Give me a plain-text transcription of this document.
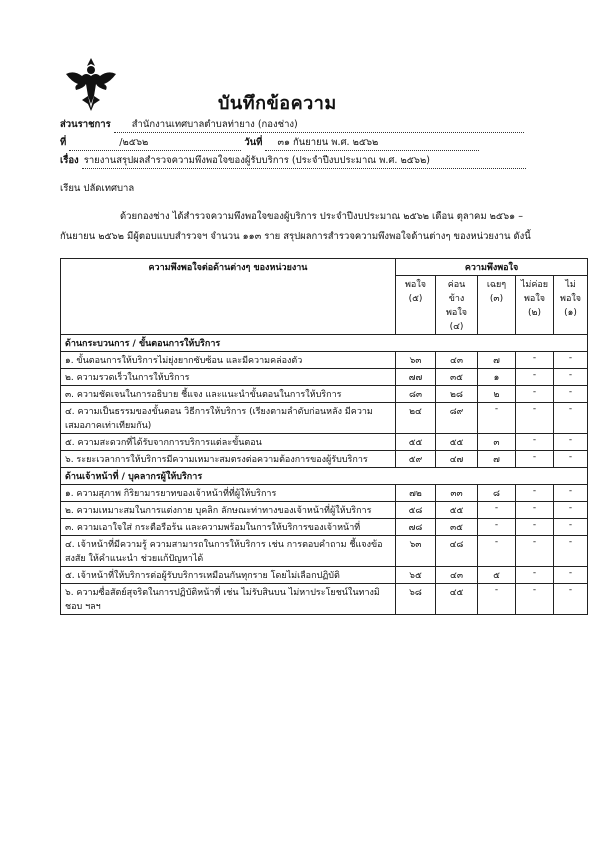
บันทึกข้อความ
ส่วนราชการ สำนักงานเทศบาลตำบลท่ายาง (กองช่าง)
ที่	/๒๕๖๒	วันที่ ๓๑ กันยายน พ.ศ. ๒๕๖๒
เรื่อง รายงานสรุปผลสำรวจความพึงพอใจของผู้รับบริการ (ประจำปีงบประมาณ พ.ศ. ๒๕๖๒)
เรียน ปลัดเทศบาล
ด้วยกองช่าง ได้สำรวจความพึงพอใจของผู้บริการ ประจำปีงบประมาณ ๒๕๖๒ เดือน ตุลาคม ๒๕๖๑ – กันยายน ๒๕๖๒ มีผู้ตอบแบบสำรวจฯ จำนวน ๑๑๓ ราย สรุปผลการสำรวจความพึงพอใจด้านต่างๆ ของหน่วยงาน ดังนี้
ความพึงพอใจต่อด้านต่างๆ ของหน่วยงาน	ความพึงพอใจ				
	พอใจ (๕)	ค่อนข้าง พอใจ (๔)	เฉยๆ (๓)	ไม่ค่อย พอใจ (๒)	ไม่ พอใจ (๑)
ด้านกระบวนการ / ขั้นตอนการให้บริการ					
๑. ขั้นตอนการให้บริการไม่ยุ่งยากซับซ้อน และมีความคล่องตัว	๖๓	๔๓	๗	-	-
๒. ความรวดเร็วในการให้บริการ	๗๗	๓๕	๑	-	-
๓. ความชัดเจนในการอธิบาย ชี้แจง และแนะนำขั้นตอนในการให้บริการ	๘๓	๒๘	๒	-	-
๔. ความเป็นธรรมของขั้นตอน วิธีการให้บริการ (เรียงตามลำดับก่อนหลัง มีความเสมอภาคเท่าเทียมกัน)	๒๔	๘๙	-	-	-
๕. ความสะดวกที่ได้รับจากการบริการแต่ละขั้นตอน	๕๕	๕๕	๓	-	-
๖. ระยะเวลาการให้บริการมีความเหมาะสมตรงต่อความต้องการของผู้รับบริการ	๕๙	๔๗	๗	-	-
ด้านเจ้าหน้าที่ / บุคลากรผู้ให้บริการ					
๑. ความสุภาพ กิริยามารยาทของเจ้าหน้าที่ที่ผู้ให้บริการ	๗๒	๓๓	๘	-	-
๒. ความเหมาะสมในการแต่งกาย บุคลิก ลักษณะท่าทางของเจ้าหน้าที่ผู้ให้บริการ	๕๘	๕๕	-	-	-
๓. ความเอาใจใส่ กระตือรือร้น และความพร้อมในการให้บริการของเจ้าหน้าที่	๗๘	๓๕	-	-	-
๔. เจ้าหน้าที่มีความรู้ ความสามารถในการให้บริการ เช่น การตอบคำถาม ชี้แจงข้อสงสัย ให้คำแนะนำ ช่วยแก้ปัญหาได้	๖๓	๔๘	-	-	-
๕. เจ้าหน้าที่ให้บริการต่อผู้รับบริการเหมือนกันทุกราย โดยไม่เลือกปฏิบัติ	๖๕	๔๓	๕	-	-
๖. ความซื่อสัตย์สุจริตในการปฏิบัติหน้าที่ เช่น ไม่รับสินบน ไม่หาประโยชน์ในทางมิชอบ ฯลฯ	๖๘	๔๕	-	-	-
